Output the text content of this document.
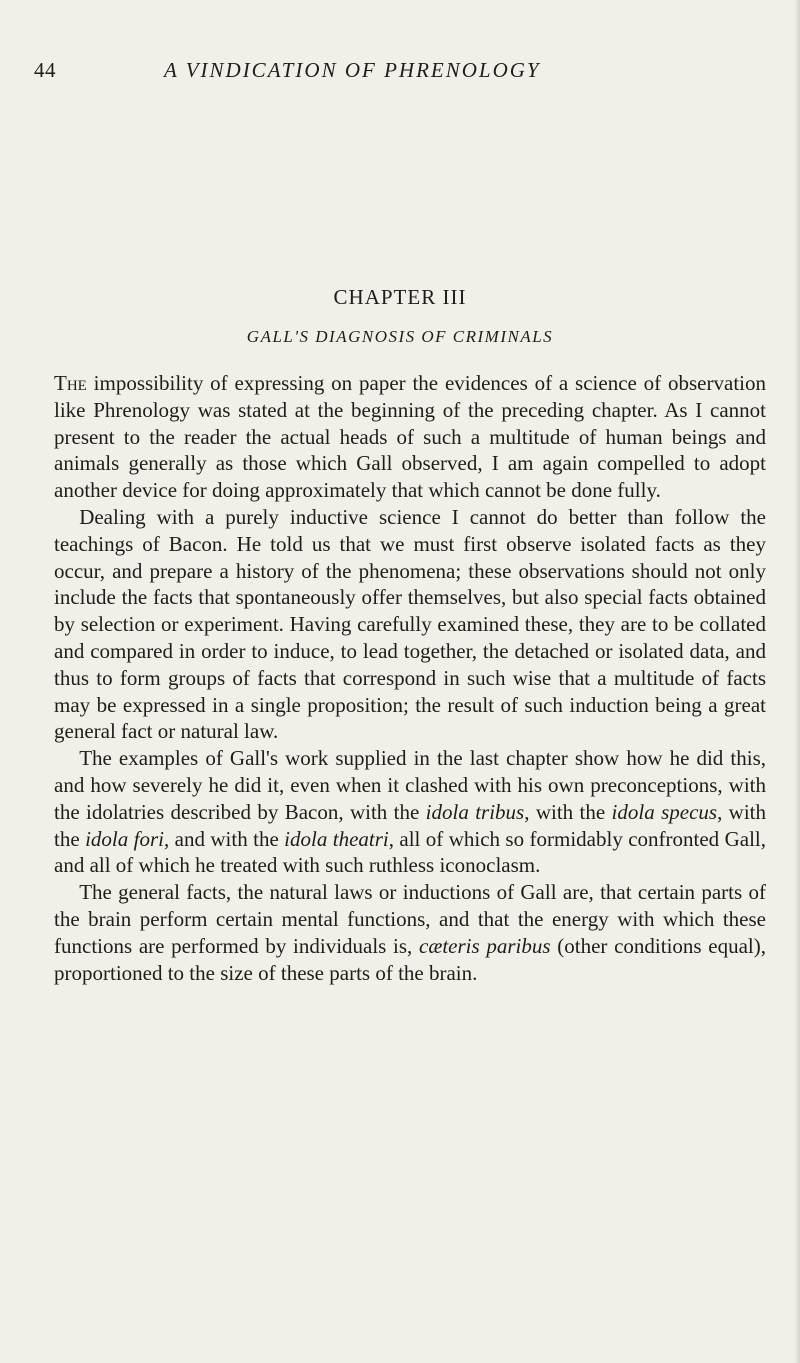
44	A VINDICATION OF PHRENOLOGY
CHAPTER III
GALL'S DIAGNOSIS OF CRIMINALS

The impossibility of expressing on paper the evidences of a science of observation like Phrenology was stated at the beginning of the preceding chapter. As I cannot present to the reader the actual heads of such a multitude of human beings and animals generally as those which Gall observed, I am again compelled to adopt another device for doing approximately that which cannot be done fully.

Dealing with a purely inductive science I cannot do better than follow the teachings of Bacon. He told us that we must first observe isolated facts as they occur, and prepare a history of the phenomena; these observations should not only include the facts that spontaneously offer themselves, but also special facts obtained by selection or experiment. Having carefully examined these, they are to be collated and compared in order to induce, to lead together, the detached or isolated data, and thus to form groups of facts that correspond in such wise that a multitude of facts may be expressed in a single proposition; the result of such induction being a great general fact or natural law.

The examples of Gall's work supplied in the last chapter show how he did this, and how severely he did it, even when it clashed with his own preconceptions, with the idolatries described by Bacon, with the idola tribus, with the idola specus, with the idola fori, and with the idola theatri, all of which so formidably confronted Gall, and all of which he treated with such ruthless iconoclasm.

The general facts, the natural laws or inductions of Gall are, that certain parts of the brain perform certain mental functions, and that the energy with which these functions are performed by individuals is, cæteris paribus (other conditions equal), proportioned to the size of these parts of the brain.
